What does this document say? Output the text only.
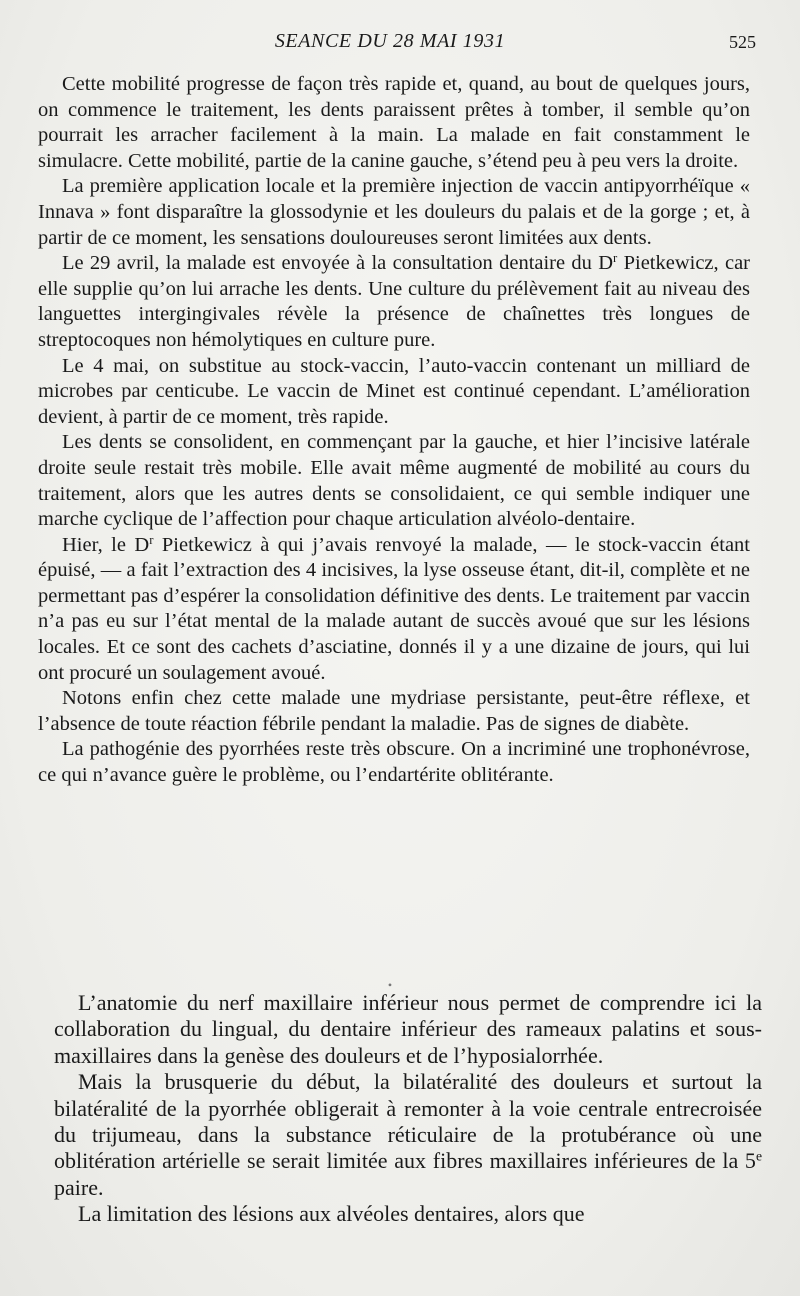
SEANCE DU 28 MAI 1931	525

Cette mobilité progresse de façon très rapide et, quand, au bout de quelques jours, on commence le traitement, les dents paraissent prêtes à tomber, il semble qu’on pourrait les arracher facilement à la main. La malade en fait constamment le simulacre. Cette mobilité, partie de la canine gauche, s’étend peu à peu vers la droite.

La première application locale et la première injection de vaccin antipyorrhéïque « Innava » font disparaître la glossodynie et les douleurs du palais et de la gorge ; et, à partir de ce moment, les sensations douloureuses seront limitées aux dents.

Le 29 avril, la malade est envoyée à la consultation dentaire du $D^r$ Pietkewicz, car elle supplie qu’on lui arrache les dents. Une culture du prélèvement fait au niveau des languettes intergingivales révèle la présence de chaînettes très longues de streptocoques non hémolytiques en culture pure.

Le 4 mai, on substitue au stock-vaccin, l’auto-vaccin contenant un milliard de microbes par centicube. Le vaccin de Minet est continué cependant. L’amélioration devient, à partir de ce moment, très rapide.

Les dents se consolident, en commençant par la gauche, et hier l’incisive latérale droite seule restait très mobile. Elle avait même augmenté de mobilité au cours du traitement, alors que les autres dents se consolidaient, ce qui semble indiquer une marche cyclique de l’affection pour chaque articulation alvéolo-dentaire.

Hier, le $D^r$ Pietkewicz à qui j’avais renvoyé la malade, — le stock-vaccin étant épuisé, — a fait l’extraction des 4 incisives, la lyse osseuse étant, dit-il, complète et ne permettant pas d’espérer la consolidation définitive des dents. Le traitement par vaccin n’a pas eu sur l’état mental de la malade autant de succès avoué que sur les lésions locales. Et ce sont des cachets d’asciatine, donnés il y a une dizaine de jours, qui lui ont procuré un soulagement avoué.

Notons enfin chez cette malade une mydriase persistante, peut-être réflexe, et l’absence de toute réaction fébrile pendant la maladie. Pas de signes de diabète.

La pathogénie des pyorrhées reste très obscure. On a incriminé une trophonévrose, ce qui n’avance guère le problème, ou l’endartérite oblitérante.

•

L’anatomie du nerf maxillaire inférieur nous permet de comprendre ici la collaboration du lingual, du dentaire inférieur des rameaux palatins et sous-maxillaires dans la genèse des douleurs et de l’hyposialorrhée.

Mais la brusquerie du début, la bilatéralité des douleurs et surtout la bilatéralité de la pyorrhée obligerait à remonter à la voie centrale entrecroisée du trijumeau, dans la substance réticulaire de la protubérance où une oblitération artérielle se serait limitée aux fibres maxillaires inférieures de la 5e paire.

La limitation des lésions aux alvéoles dentaires, alors que
